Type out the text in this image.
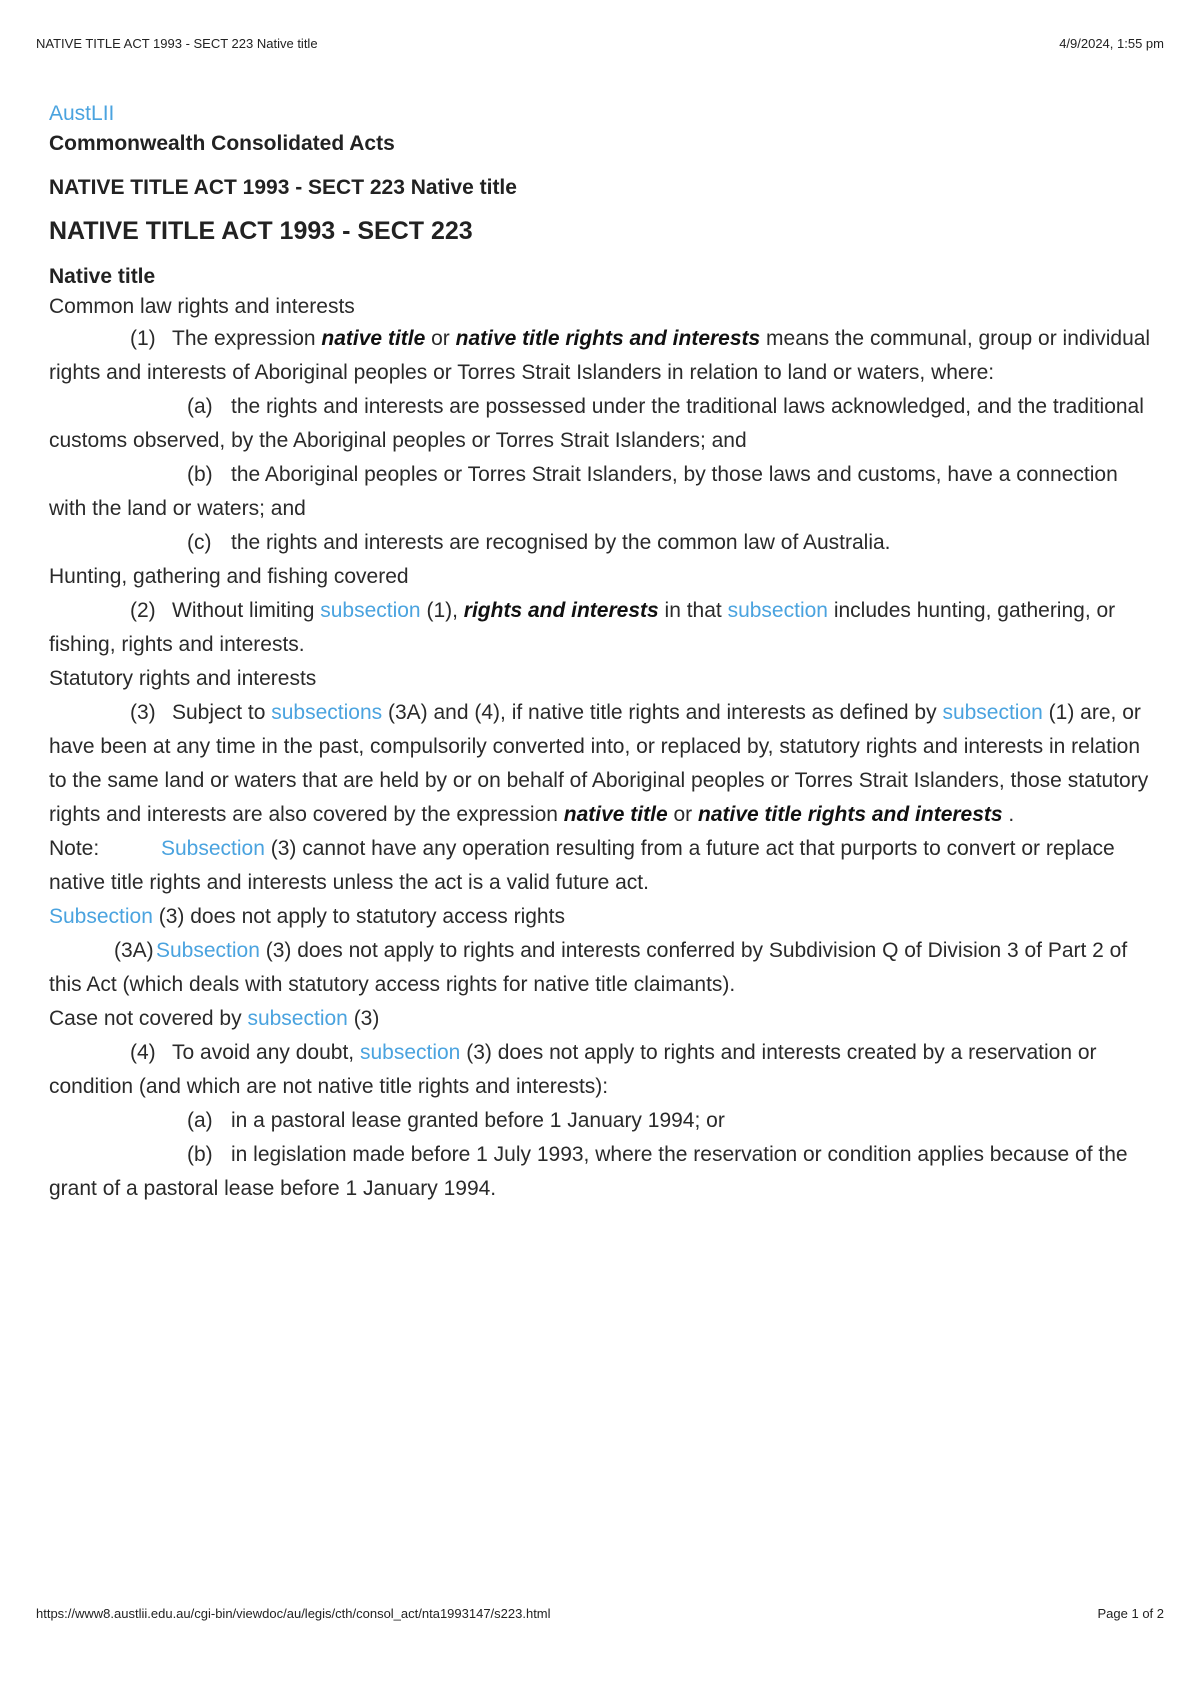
NATIVE TITLE ACT 1993 - SECT 223 Native title	4/9/2024, 1:55 pm
AustLII
Commonwealth Consolidated Acts
NATIVE TITLE ACT 1993 - SECT 223 Native title
NATIVE TITLE ACT 1993 - SECT 223
Native title

Common law rights and interests

(1) The expression native title or native title rights and interests means the communal, group or individual rights and interests of Aboriginal peoples or Torres Strait Islanders in relation to land or waters, where:

(a) the rights and interests are possessed under the traditional laws acknowledged, and the traditional customs observed, by the Aboriginal peoples or Torres Strait Islanders; and

(b) the Aboriginal peoples or Torres Strait Islanders, by those laws and customs, have a connection with the land or waters; and

(c) the rights and interests are recognised by the common law of Australia.

Hunting, gathering and fishing covered

(2) Without limiting subsection (1), rights and interests in that subsection includes hunting, gathering, or fishing, rights and interests.

Statutory rights and interests

(3) Subject to subsections (3A) and (4), if native title rights and interests as defined by subsection (1) are, or have been at any time in the past, compulsorily converted into, or replaced by, statutory rights and interests in relation to the same land or waters that are held by or on behalf of Aboriginal peoples or Torres Strait Islanders, those statutory rights and interests are also covered by the expression native title or native title rights and interests .

Note:	Subsection (3) cannot have any operation resulting from a future act that purports to convert or replace native title rights and interests unless the act is a valid future act.

Subsection (3) does not apply to statutory access rights

(3A) Subsection (3) does not apply to rights and interests conferred by Subdivision Q of Division 3 of Part 2 of this Act (which deals with statutory access rights for native title claimants).

Case not covered by subsection (3)

(4) To avoid any doubt, subsection (3) does not apply to rights and interests created by a reservation or condition (and which are not native title rights and interests):

(a) in a pastoral lease granted before 1 January 1994; or

(b) in legislation made before 1 July 1993, where the reservation or condition applies because of the grant of a pastoral lease before 1 January 1994.

https://www8.austlii.edu.au/cgi-bin/viewdoc/au/legis/cth/consol_act/nta1993147/s223.html	Page 1 of 2
